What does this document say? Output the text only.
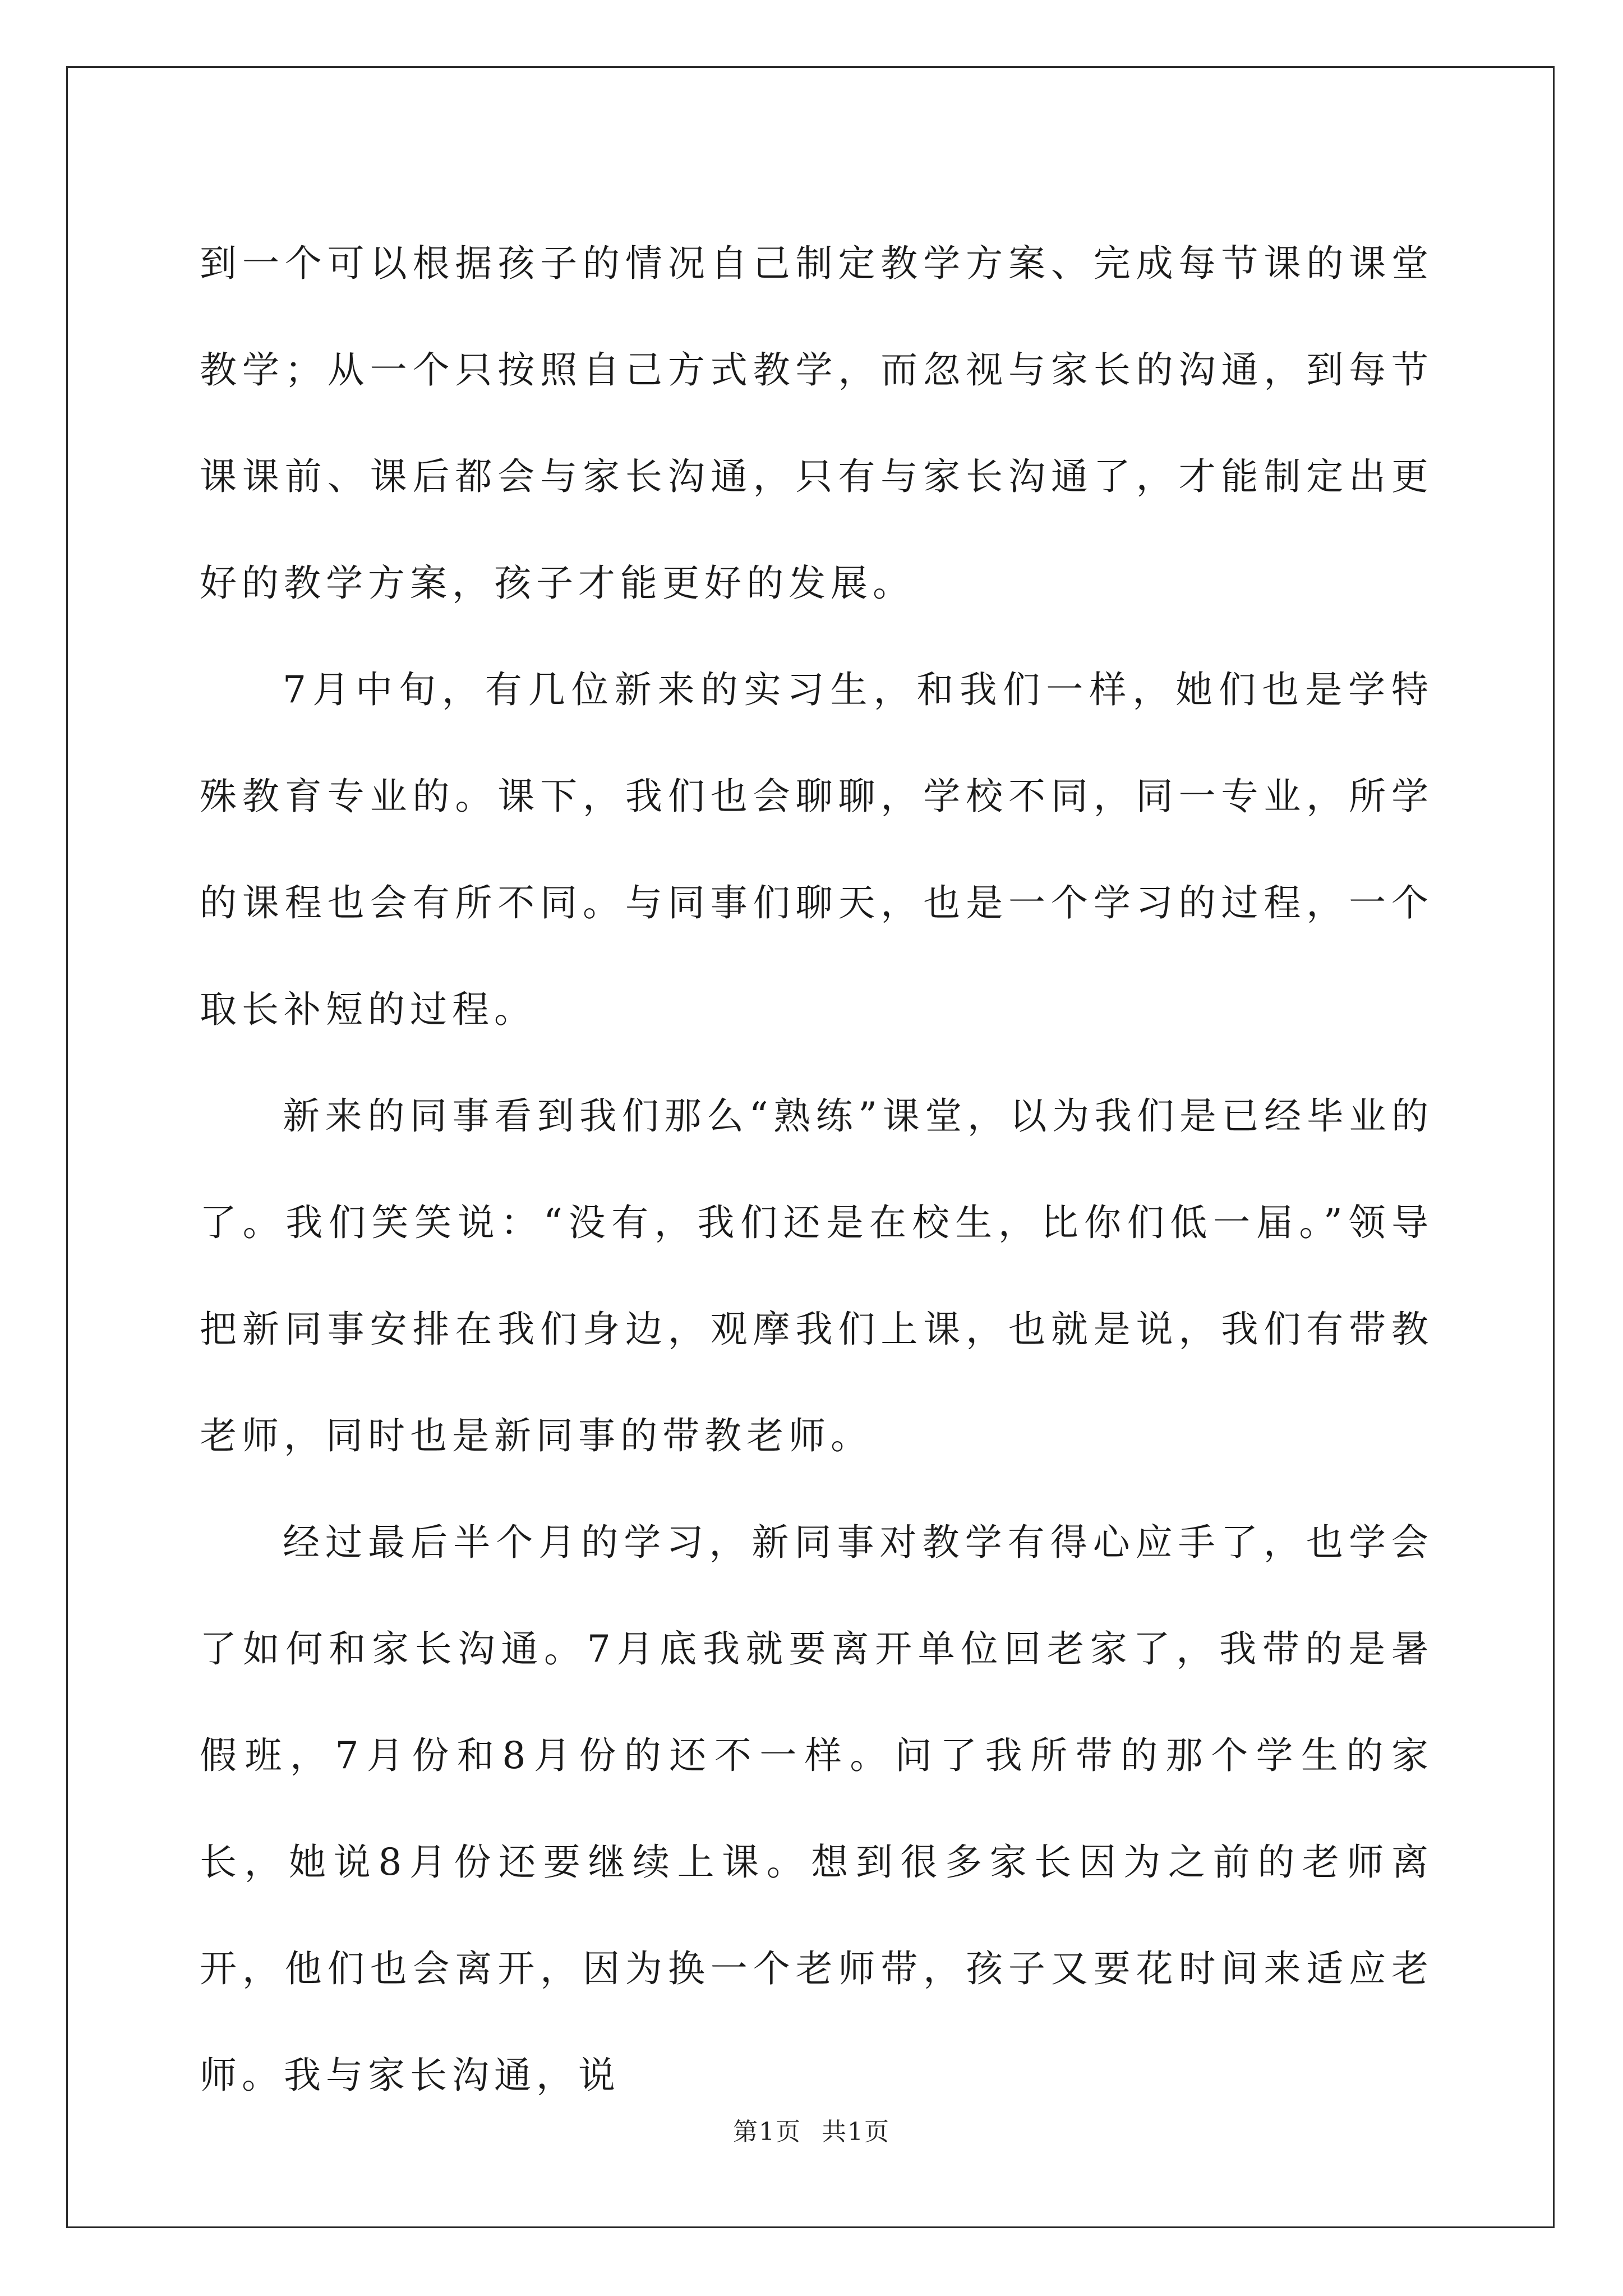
到一个可以根据孩子的情况自己制定教学方案、完成每节课的课堂教学；从一个只按照自己方式教学，而忽视与家长的沟通，到每节课课前、课后都会与家长沟通，只有与家长沟通了，才能制定出更好的教学方案，孩子才能更好的发展。

7月中旬，有几位新来的实习生，和我们一样，她们也是学特殊教育专业的。课下，我们也会聊聊，学校不同，同一专业，所学的课程也会有所不同。与同事们聊天，也是一个学习的过程，一个取长补短的过程。

新来的同事看到我们那么“熟练”课堂，以为我们是已经毕业的了。我们笑笑说：“没有，我们还是在校生，比你们低一届。”领导把新同事安排在我们身边，观摩我们上课，也就是说，我们有带教老师，同时也是新同事的带教老师。

经过最后半个月的学习，新同事对教学有得心应手了，也学会了如何和家长沟通。7月底我就要离开单位回老家了，我带的是暑假班，7月份和8月份的还不一样。问了我所带的那个学生的家长，她说8月份还要继续上课。想到很多家长因为之前的老师离开，他们也会离开，因为换一个老师带，孩子又要花时间来适应老师。我与家长沟通，说

第1页 共1页
